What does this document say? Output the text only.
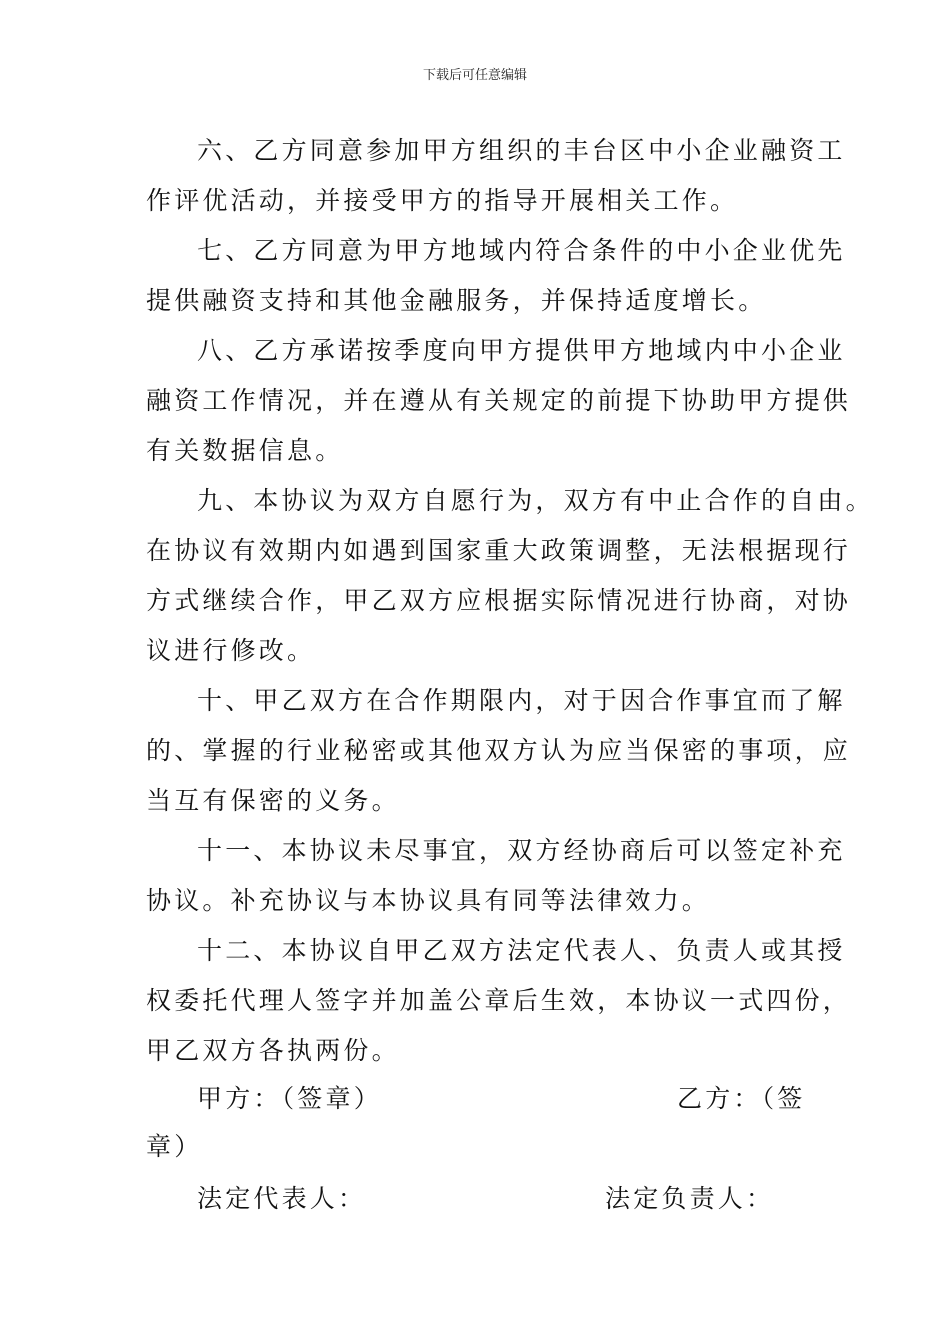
下载后可任意编辑
六、乙方同意参加甲方组织的丰台区中小企业融资工
作评优活动，并接受甲方的指导开展相关工作。
七、乙方同意为甲方地域内符合条件的中小企业优先
提供融资支持和其他金融服务，并保持适度增长。
八、乙方承诺按季度向甲方提供甲方地域内中小企业
融资工作情况，并在遵从有关规定的前提下协助甲方提供
有关数据信息。
九、本协议为双方自愿行为，双方有中止合作的自由。
在协议有效期内如遇到国家重大政策调整，无法根据现行
方式继续合作，甲乙双方应根据实际情况进行协商，对协
议进行修改。
十、甲乙双方在合作期限内，对于因合作事宜而了解
的、掌握的行业秘密或其他双方认为应当保密的事项，应
当互有保密的义务。
十一、本协议未尽事宜，双方经协商后可以签定补充
协议。补充协议与本协议具有同等法律效力。
十二、本协议自甲乙双方法定代表人、负责人或其授
权委托代理人签字并加盖公章后生效，本协议一式四份，
甲乙双方各执两份。
甲方：（签章）	乙方：（签
章）
法定代表人：	法定负责人：
